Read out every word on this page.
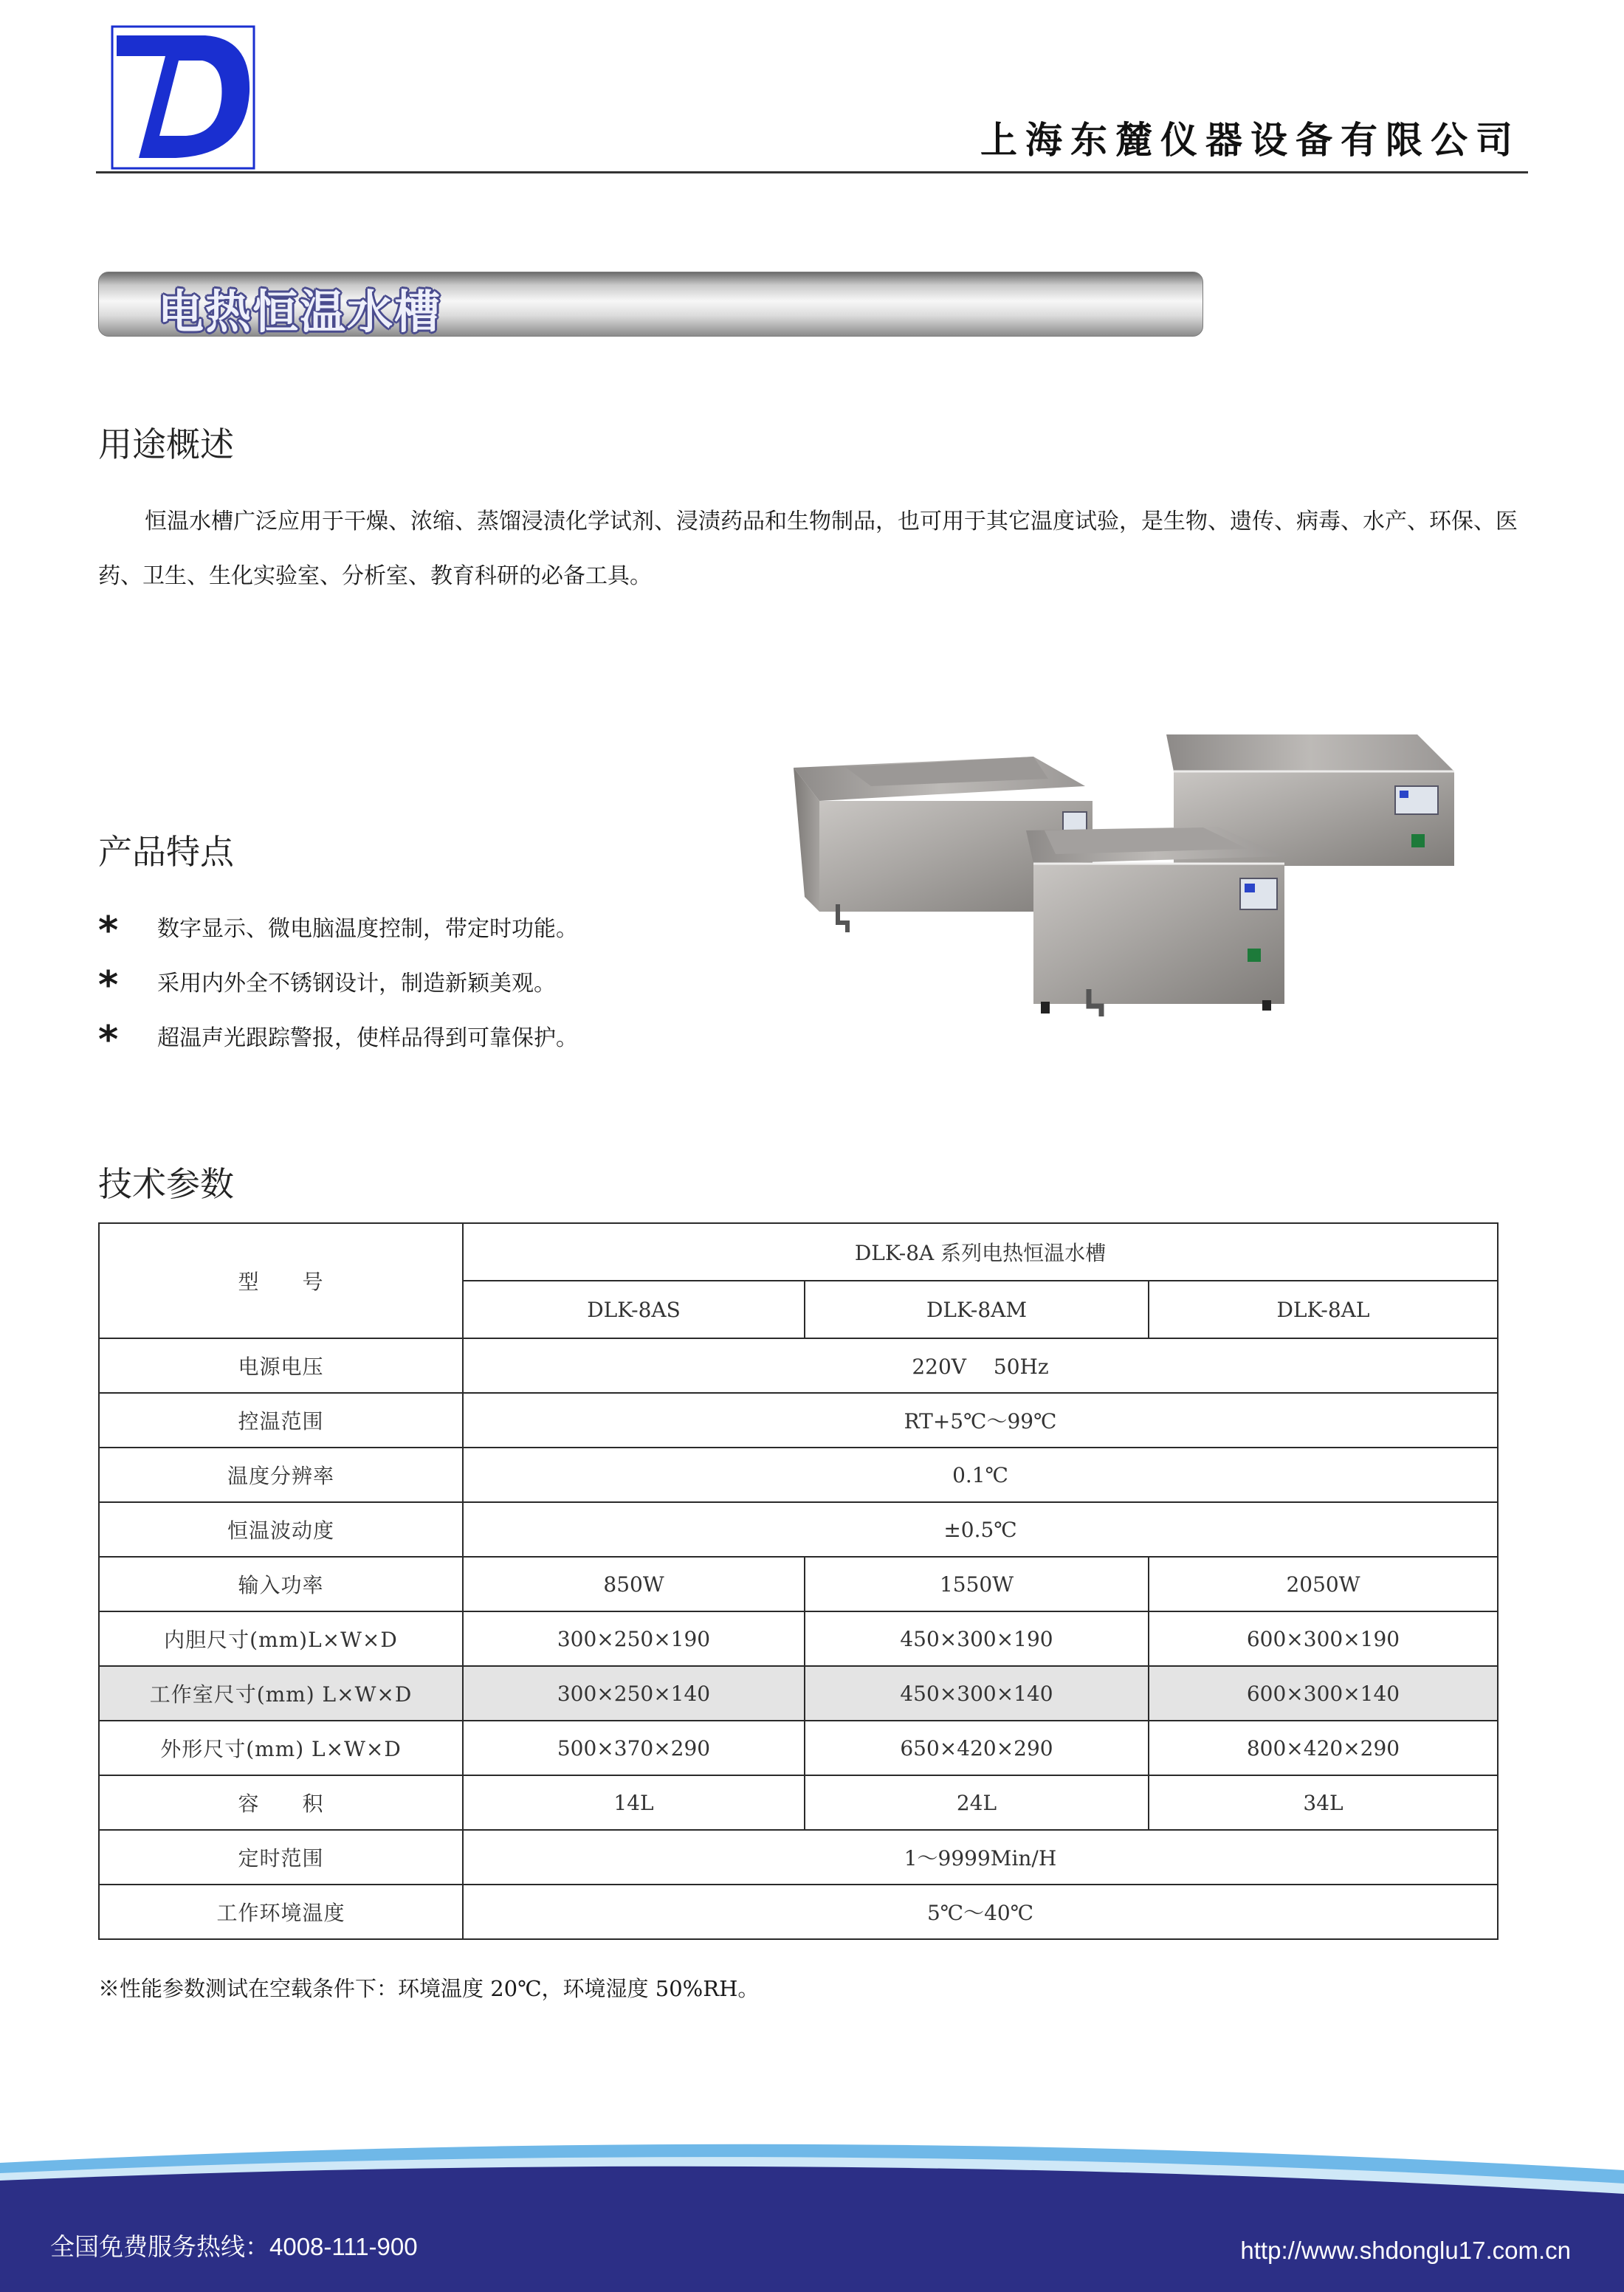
上海东麓仪器设备有限公司
电热恒温水槽
用途概述
恒温水槽广泛应用于干燥、浓缩、蒸馏浸渍化学试剂、浸渍药品和生物制品，也可用于其它温度试验，是生物、遗传、病毒、水产、环保、医药、卫生、生化实验室、分析室、教育科研的必备工具。
产品特点
* 数字显示、微电脑温度控制，带定时功能。
* 采用内外全不锈钢设计，制造新颖美观。
* 超温声光跟踪警报，使样品得到可靠保护。
技术参数
型　　号	DLK-8A 系列电热恒温水槽		
	DLK-8AS	DLK-8AM	DLK-8AL
电源电压	220V　 50Hz		
控温范围	RT+5℃～99℃		
温度分辨率	0.1℃		
恒温波动度	±0.5℃		
输入功率	850W	1550W	2050W
内胆尺寸(mm)L×W×D	300×250×190	450×300×190	600×300×190
工作室尺寸(mm) L×W×D	300×250×140	450×300×140	600×300×140
外形尺寸(mm) L×W×D	500×370×290	650×420×290	800×420×290
容　　积	14L	24L	34L
定时范围	1～9999Min/H		
工作环境温度	5℃～40℃		
※性能参数测试在空载条件下：环境温度 20℃，环境湿度 50%RH。
全国免费服务热线：4008-111-900	http://www.shdonglu17.com.cn
